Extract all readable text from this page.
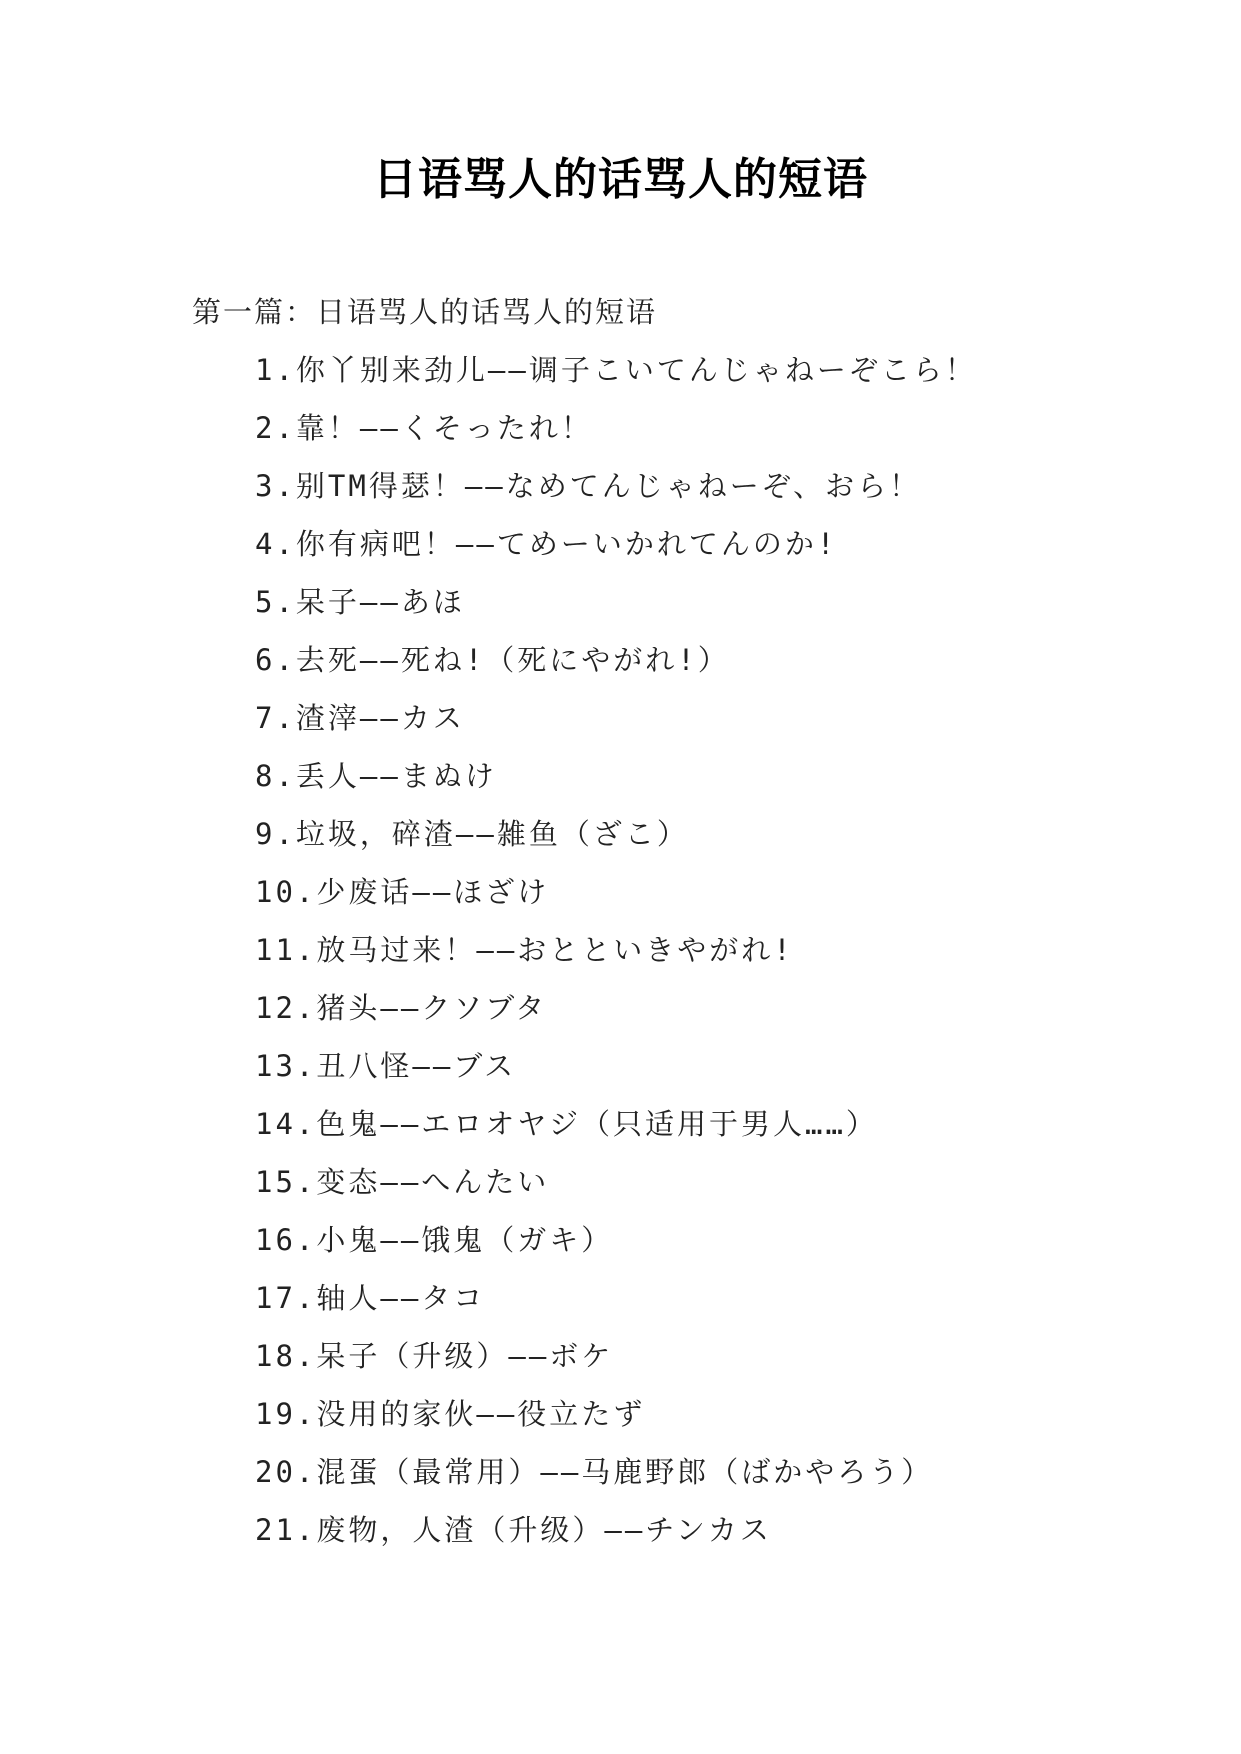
日语骂人的话骂人的短语
第一篇：日语骂人的话骂人的短语
1.你丫别来劲儿——调子こいてんじゃねーぞこら！
2.靠！——くそったれ！
3.别TM得瑟！——なめてんじゃねーぞ、おら！
4.你有病吧！——てめーいかれてんのか!
5.呆子——あほ
6.去死——死ね!（死にやがれ!）
7.渣滓——カス
8.丢人——まぬけ
9.垃圾，碎渣——雑鱼（ざこ）
10.少废话——ほざけ
11.放马过来！——おとといきやがれ!
12.猪头——クソブタ
13.丑八怪——ブス
14.色鬼——エロオヤジ（只适用于男人……）
15.变态——へんたい
16.小鬼——饿鬼（ガキ）
17.轴人——タコ
18.呆子（升级）——ボケ
19.没用的家伙——役立たず
20.混蛋（最常用）——马鹿野郎（ばかやろう）
21.废物，人渣（升级）——チンカス
